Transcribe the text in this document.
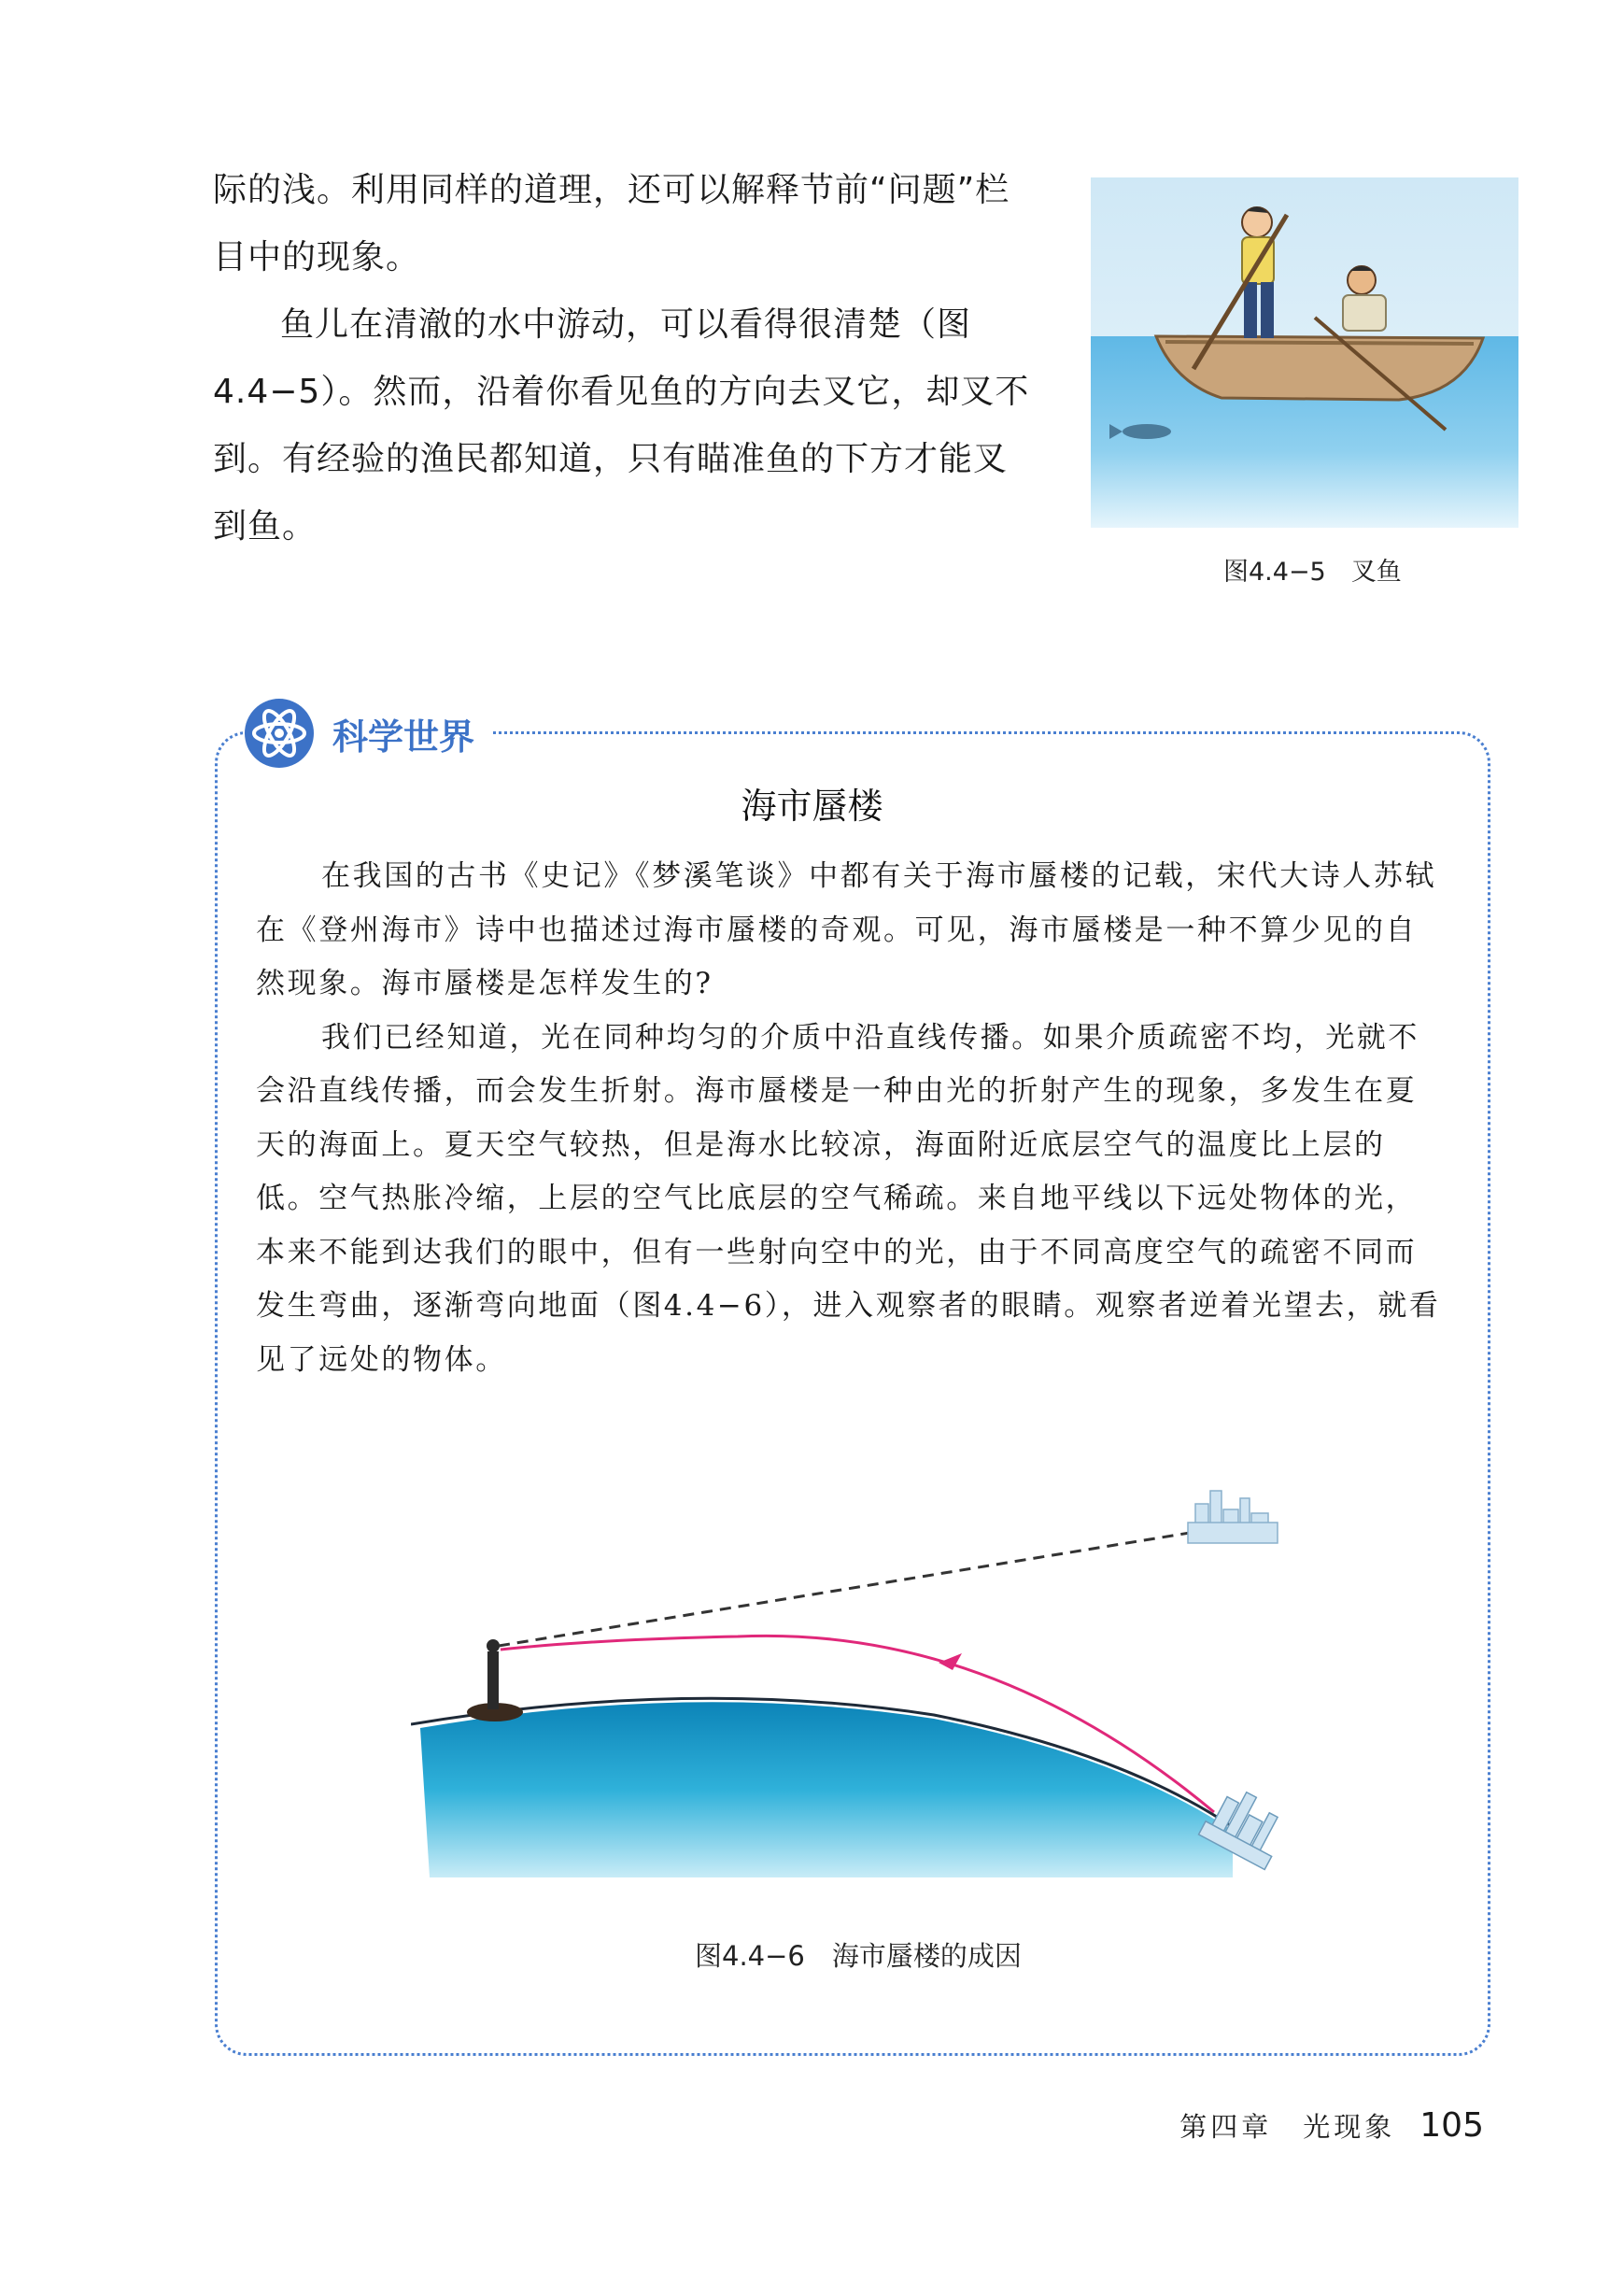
际的浅。利用同样的道理，还可以解释节前“问题”栏目中的现象。

鱼儿在清澈的水中游动，可以看得很清楚（图4.4−5）。然而，沿着你看见鱼的方向去叉它，却叉不到。有经验的渔民都知道，只有瞄准鱼的下方才能叉到鱼。

图4.4−5　叉鱼
科学世界
海市蜃楼

在我国的古书《史记》《梦溪笔谈》中都有关于海市蜃楼的记载，宋代大诗人苏轼在《登州海市》诗中也描述过海市蜃楼的奇观。可见，海市蜃楼是一种不算少见的自然现象。海市蜃楼是怎样发生的?

我们已经知道，光在同种均匀的介质中沿直线传播。如果介质疏密不均，光就不会沿直线传播，而会发生折射。海市蜃楼是一种由光的折射产生的现象，多发生在夏天的海面上。夏天空气较热，但是海水比较凉，海面附近底层空气的温度比上层的低。空气热胀冷缩，上层的空气比底层的空气稀疏。来自地平线以下远处物体的光，本来不能到达我们的眼中，但有一些射向空中的光，由于不同高度空气的疏密不同而发生弯曲，逐渐弯向地面（图4.4−6），进入观察者的眼睛。观察者逆着光望去，就看见了远处的物体。

图4.4−6　海市蜃楼的成因
第四章　光现象 105
